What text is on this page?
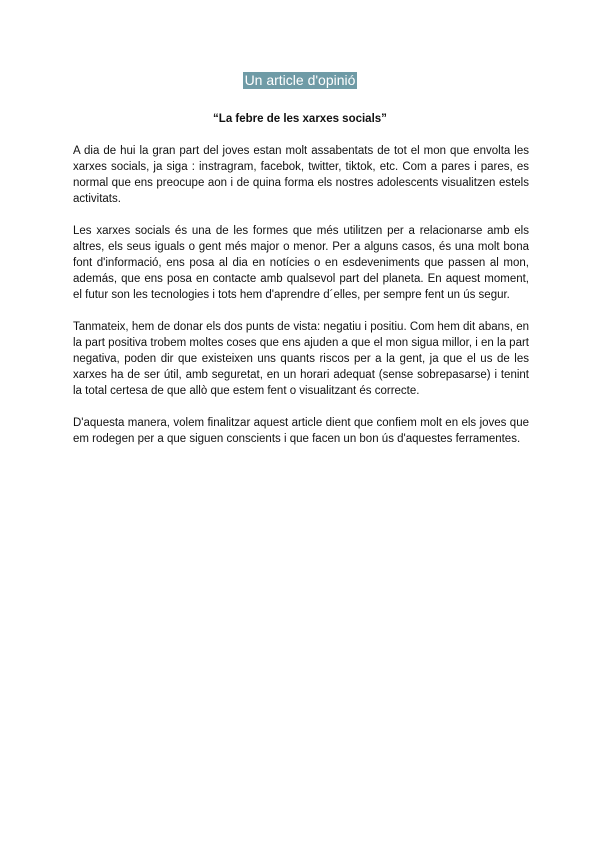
Un article d'opinió
“La febre de les xarxes socials”

A dia de hui la gran part del joves estan molt assabentats de tot el mon que envolta les xarxes socials, ja siga : instragram, facebok, twitter, tiktok, etc. Com a pares i pares, es normal que ens preocupe aon i de quina forma els nostres adolescents visualitzen estels activitats.

Les xarxes socials és una de les formes que més utilitzen per a relacionarse amb els altres, els seus iguals o gent més major o menor. Per a alguns casos, és una molt bona font d'informació, ens posa al dia en notícies o en esdeveniments que passen al mon, además, que ens posa en contacte amb qualsevol part del planeta. En aquest moment, el futur son les tecnologies i tots hem d'aprendre d´elles, per sempre fent un ús segur.

Tanmateix, hem de donar els dos punts de vista: negatiu i positiu. Com hem dit abans, en la part positiva trobem moltes coses que ens ajuden a que el mon sigua millor, i en la part negativa, poden dir que existeixen uns quants riscos per a la gent, ja que el us de les xarxes ha de ser útil, amb seguretat, en un horari adequat (sense sobrepasarse) i tenint la total certesa de que allò que estem fent o visualitzant és correcte.

D'aquesta manera, volem finalitzar aquest article dient que confiem molt en els joves que em rodegen per a que siguen conscients i que facen un bon ús d'aquestes ferramentes.
